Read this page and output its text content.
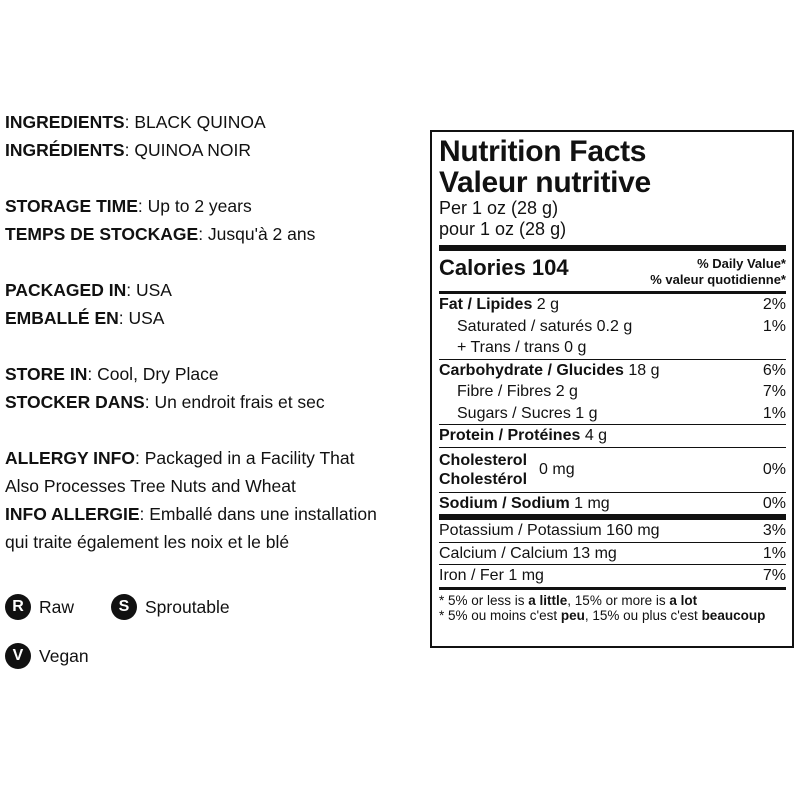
INGREDIENTS: BLACK QUINOA
INGRÉDIENTS: QUINOA NOIR
STORAGE TIME: Up to 2 years
TEMPS DE STOCKAGE: Jusqu'à 2 ans
PACKAGED IN: USA
EMBALLÉ EN: USA
STORE IN: Cool, Dry Place
STOCKER DANS: Un endroit frais et sec
ALLERGY INFO: Packaged in a Facility That
Also Processes Tree Nuts and Wheat
INFO ALLERGIE: Emballé dans une installation
qui traite également les noix et le blé
R Raw	S Sproutable
V Vegan
Nutrition Facts
Valeur nutritive
Per 1 oz (28 g)
pour 1 oz (28 g)
Calories 104	% Daily Value*
% valeur quotidienne*
Fat / Lipides 2 g	2%
Saturated / saturés 0.2 g	1%
+ Trans / trans 0 g
Carbohydrate / Glucides 18 g	6%
Fibre / Fibres 2 g	7%
Sugars / Sucres 1 g	1%
Protein / Protéines 4 g
Cholesterol
Cholestérol
0 mg	0%
Sodium / Sodium 1 mg	0%
Potassium / Potassium 160 mg	3%
Calcium / Calcium 13 mg	1%
Iron / Fer 1 mg	7%
* 5% or less is a little, 15% or more is a lot
* 5% ou moins c'est peu, 15% ou plus c'est beaucoup
